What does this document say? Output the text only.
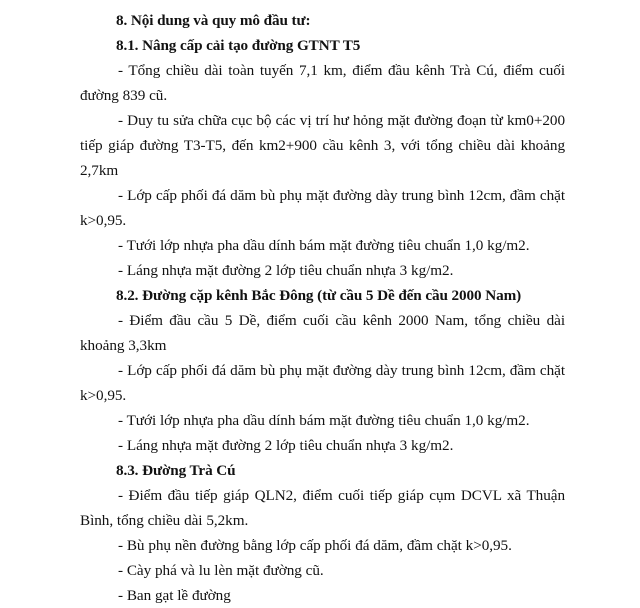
8. Nội dung và quy mô đầu tư:
8.1. Nâng cấp cải tạo đường GTNT T5

- Tổng chiều dài toàn tuyến 7,1 km, điểm đầu kênh Trà Cú, điểm cuối đường 839 cũ.

- Duy tu sửa chữa cục bộ các vị trí hư hỏng mặt đường đoạn từ km0+200 tiếp giáp đường T3-T5, đến km2+900 cầu kênh 3, với tổng chiều dài khoảng 2,7km

- Lớp cấp phối đá dăm bù phụ mặt đường dày trung bình 12cm, đầm chặt k>0,95.

- Tưới lớp nhựa pha dầu dính bám mặt đường tiêu chuẩn 1,0 kg/m2.

- Láng nhựa mặt đường 2 lớp tiêu chuẩn nhựa 3 kg/m2.

8.2. Đường cặp kênh Bắc Đông (từ cầu 5 Dề đến cầu 2000 Nam)

- Điểm đầu cầu 5 Dề, điểm cuối cầu kênh 2000 Nam, tổng chiều dài khoảng 3,3km

- Lớp cấp phối đá dăm bù phụ mặt đường dày trung bình 12cm, đầm chặt k>0,95.

- Tưới lớp nhựa pha dầu dính bám mặt đường tiêu chuẩn 1,0 kg/m2.

- Láng nhựa mặt đường 2 lớp tiêu chuẩn nhựa 3 kg/m2.

8.3. Đường Trà Cú

- Điểm đầu tiếp giáp QLN2, điểm cuối tiếp giáp cụm DCVL xã Thuận Bình, tổng chiều dài 5,2km.

- Bù phụ nền đường bằng lớp cấp phối đá dăm, đầm chặt k>0,95.

- Cày phá và lu lèn mặt đường cũ.

- Ban gạt lề đường
